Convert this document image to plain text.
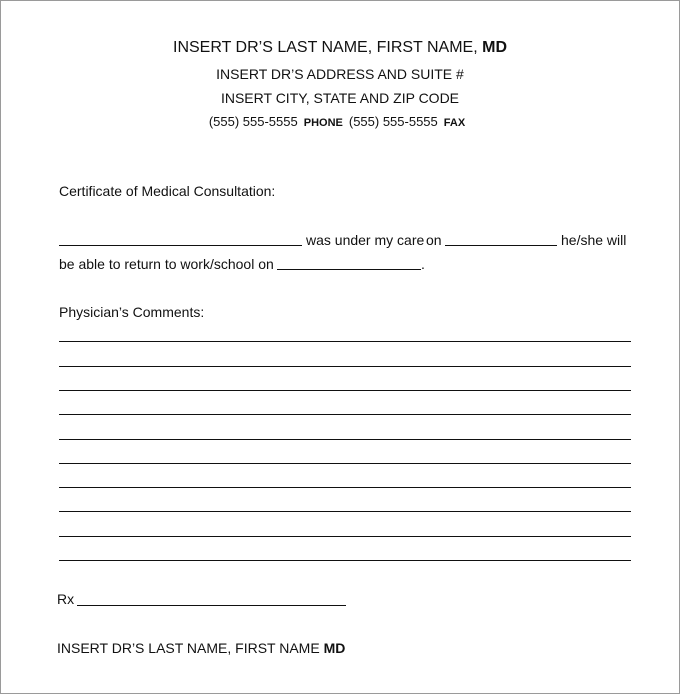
INSERT DR’S LAST NAME, FIRST NAME, MD
INSERT DR’S ADDRESS AND SUITE #
INSERT CITY, STATE AND ZIP CODE
(555) 555-5555 PHONE (555) 555-5555 FAX
Certificate of Medical Consultation:
was under my care on	he/she will
be able to return to work/school on	.
Physician’s Comments:
Rx
INSERT DR’S LAST NAME, FIRST NAME MD
